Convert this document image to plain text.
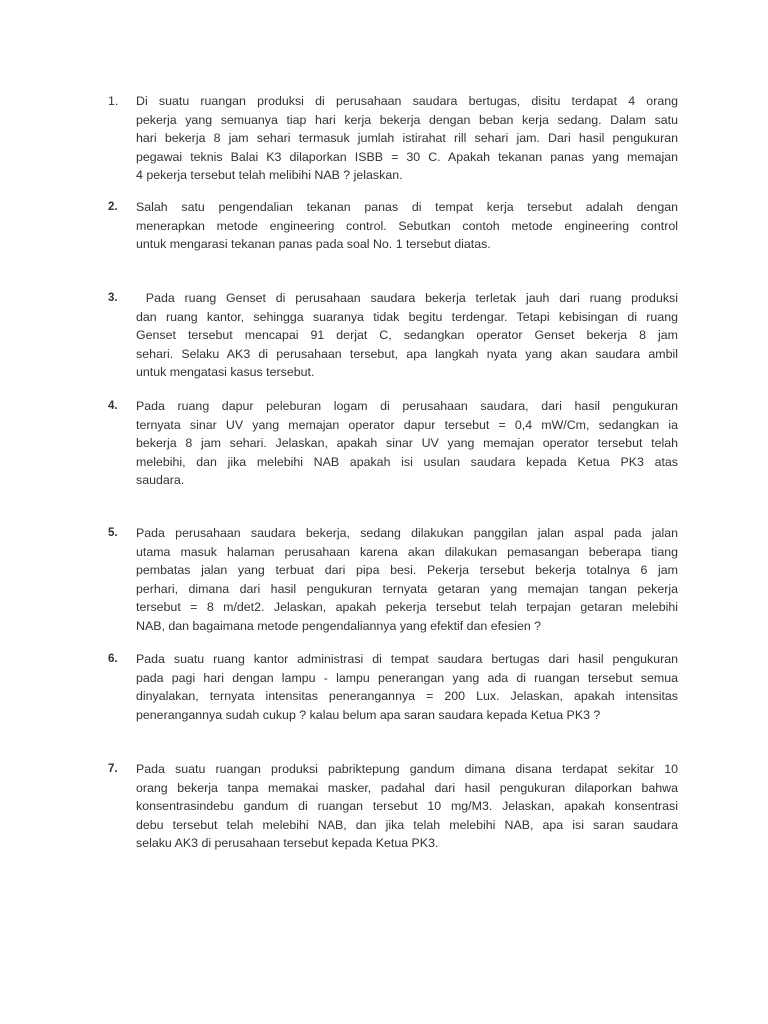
1.	Di suatu ruangan produksi di perusahaan saudara bertugas, disitu terdapat 4 orang
pekerja yang semuanya tiap hari kerja bekerja dengan beban kerja sedang. Dalam satu
hari bekerja 8 jam sehari termasuk jumlah istirahat rill sehari jam. Dari hasil pengukuran
pegawai teknis Balai K3 dilaporkan ISBB = 30 C. Apakah tekanan panas yang memajan
4 pekerja tersebut telah melibihi NAB ? jelaskan.
2.	Salah satu pengendalian tekanan panas di tempat kerja tersebut adalah dengan
menerapkan metode engineering control. Sebutkan contoh metode engineering control
untuk mengarasi tekanan panas pada soal No. 1 tersebut diatas.
3.	Pada ruang Genset di perusahaan saudara bekerja terletak jauh dari ruang produksi
dan ruang kantor, sehingga suaranya tidak begitu terdengar. Tetapi kebisingan di ruang
Genset tersebut mencapai 91 derjat C, sedangkan operator Genset bekerja 8 jam
sehari. Selaku AK3 di perusahaan tersebut, apa langkah nyata yang akan saudara ambil
untuk mengatasi kasus tersebut.
4.	Pada ruang dapur peleburan logam di perusahaan saudara, dari hasil pengukuran
ternyata sinar UV yang memajan operator dapur tersebut = 0,4 mW/Cm, sedangkan ia
bekerja 8 jam sehari. Jelaskan, apakah sinar UV yang memajan operator tersebut telah
melebihi, dan jika melebihi NAB apakah isi usulan saudara kepada Ketua PK3 atas
saudara.
5.	Pada perusahaan saudara bekerja, sedang dilakukan panggilan jalan aspal pada jalan
utama masuk halaman perusahaan karena akan dilakukan pemasangan beberapa tiang
pembatas jalan yang terbuat dari pipa besi. Pekerja tersebut bekerja totalnya 6 jam
perhari, dimana dari hasil pengukuran ternyata getaran yang memajan tangan pekerja
tersebut = 8 m/det2. Jelaskan, apakah pekerja tersebut telah terpajan getaran melebihi
NAB, dan bagaimana metode pengendaliannya yang efektif dan efesien ?
6.	Pada suatu ruang kantor administrasi di tempat saudara bertugas dari hasil pengukuran
pada pagi hari dengan lampu - lampu penerangan yang ada di ruangan tersebut semua
dinyalakan, ternyata intensitas penerangannya = 200 Lux. Jelaskan, apakah intensitas
penerangannya sudah cukup ? kalau belum apa saran saudara kepada Ketua PK3 ?
7.	Pada suatu ruangan produksi pabriktepung gandum dimana disana terdapat sekitar 10
orang bekerja tanpa memakai masker, padahal dari hasil pengukuran dilaporkan bahwa
konsentrasindebu gandum di ruangan tersebut 10 mg/M3. Jelaskan, apakah konsentrasi
debu tersebut telah melebihi NAB, dan jika telah melebihi NAB, apa isi saran saudara
selaku AK3 di perusahaan tersebut kepada Ketua PK3.
